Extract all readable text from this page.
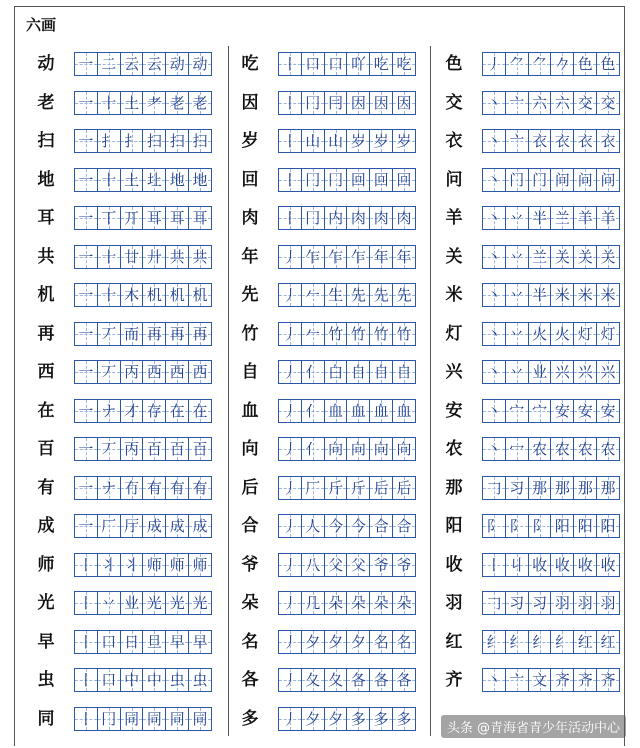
六画
动	一 二 云 云 动 动
老	一 十 土 耂 老 老
扫	一 扌 扌 扫 扫 扫
地	一 十 土 圵 地 地
耳	一 丅 丌 耳 耳 耳
共	一 十 廿 廾 共 共
机	一 十 木 机 机 机
再	一 丆 而 再 再 再
西	一 丆 丙 西 西 西
在	一 ナ 才 存 在 在
百	一 丆 丙 百 百 百
有	一 ナ 冇 有 有 有
成	一 厂 厅 成 成 成
师	丨 丬 丬 师 师 师
光	丨 丷 业 光 光 光
早	丨 口 日 旦 早 早
虫	丨 口 中 中 虫 虫
同	丨 冂 同 同 同 同
吃	丨 口 口 吖 吃 吃
因	丨 冂 冃 因 因 因
岁	丨 山 山 岁 岁 岁
回	丨 冂 冂 回 回 回
肉	丨 冂 内 肉 肉 肉
年	丿 乍 乍 乍 年 年
先	丿 𠂉 生 先 先 先
竹	丿 𠂉 竹 竹 竹 竹
自	丿 亻 白 自 自 自
血	丿 亻 血 血 血 血
向	丿 亻 向 向 向 向
后	丿 厂 斤 斤 后 后
合	丿 人 今 今 合 合
爷	丿 八 父 父 爷 爷
朵	丿 几 朵 朵 朵 朵
名	丿 夕 夕 夕 名 名
各	丿 夂 夂 各 各 各
多	丿 夕 夕 多 多 多
色	丿 ⺈ ⺈ 𠂊 色 色
交	丶 亠 六 六 交 交
衣	丶 亠 衣 衣 衣 衣
问	丶 门 门 问 问 问
羊	丶 丷 半 兰 羊 羊
关	丶 丷 兰 关 关 关
米	丶 丷 半 米 米 米
灯	丶 丷 火 火 灯 灯
兴	丶 丷 业 兴 兴 兴
安	丶 宀 宀 安 安 安
农	丶 冖 农 农 农 农
那	𠃌 习 那 那 那 那
阳	阝 阝 阝 阳 阳 阳
收	丨 丩 收 收 收 收
羽	𠃌 习 习 羽 羽 羽
红	纟 纟 纟 纟 红 红
齐	丶 亠 文 齐 齐 齐
头条 @青海省青少年活动中心
